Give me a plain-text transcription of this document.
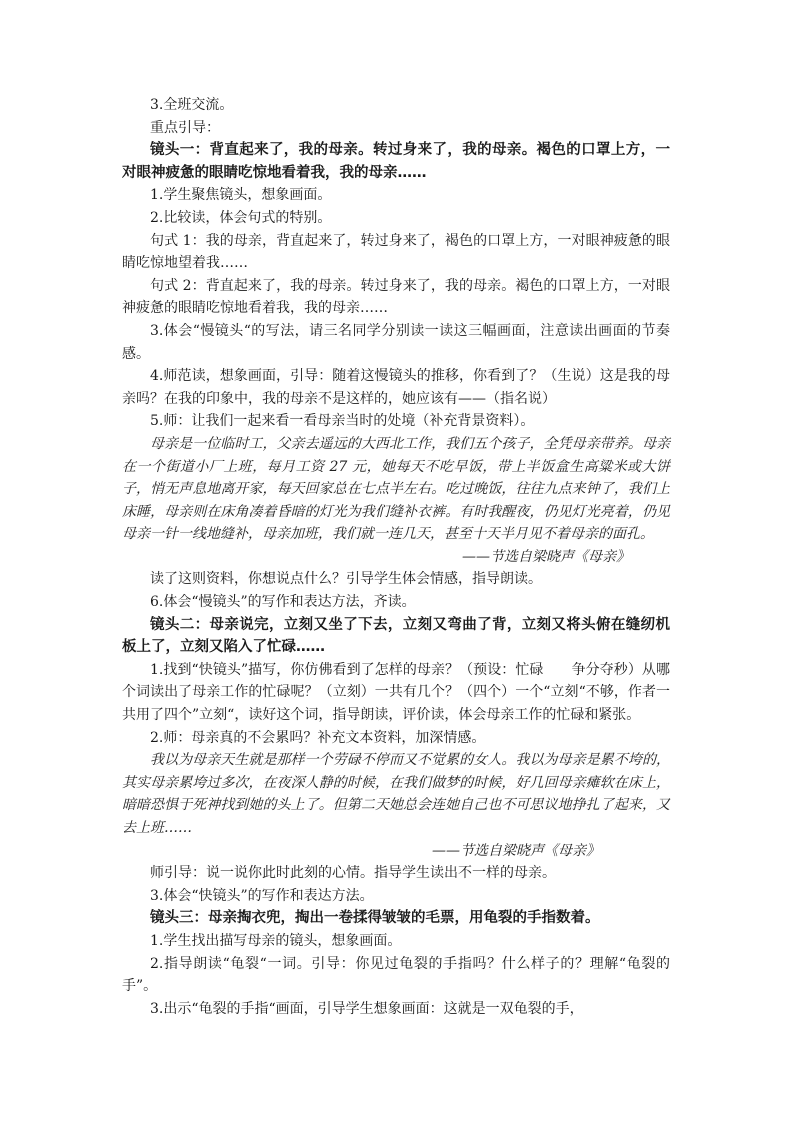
3.全班交流。

重点引导：

镜头一：背直起来了，我的母亲。转过身来了，我的母亲。褐色的口罩上方，一对眼神疲惫的眼睛吃惊地看着我，我的母亲……

1.学生聚焦镜头，想象画面。

2.比较读，体会句式的特别。

句式 1：我的母亲，背直起来了，转过身来了，褐色的口罩上方，一对眼神疲惫的眼睛吃惊地望着我……

句式 2：背直起来了，我的母亲。转过身来了，我的母亲。褐色的口罩上方，一对眼神疲惫的眼睛吃惊地看着我，我的母亲……

3.体会“慢镜头“的写法，请三名同学分别读一读这三幅画面，注意读出画面的节奏感。

4.师范读，想象画面，引导：随着这慢镜头的推移，你看到了？（生说）这是我的母亲吗？在我的印象中，我的母亲不是这样的，她应该有——（指名说）

5.师：让我们一起来看一看母亲当时的处境（补充背景资料）。

母亲是一位临时工，父亲去遥远的大西北工作，我们五个孩子，全凭母亲带养。母亲在一个街道小厂上班，每月工资 27 元，她每天不吃早饭，带上半饭盒生高粱米或大饼子，悄无声息地离开家，每天回家总在七点半左右。吃过晚饭，往往九点来钟了，我们上床睡，母亲则在床角凑着昏暗的灯光为我们缝补衣裤。有时我醒夜，仍见灯光亮着，仍见母亲一针一线地缝补，母亲加班，我们就一连几天，甚至十天半月见不着母亲的面孔。

——节选自梁晓声《母亲》

读了这则资料，你想说点什么？引导学生体会情感，指导朗读。

6.体会“慢镜头”的写作和表达方法，齐读。

镜头二：母亲说完，立刻又坐了下去，立刻又弯曲了背，立刻又将头俯在缝纫机板上了，立刻又陷入了忙碌……

1.找到“快镜头”描写，你仿佛看到了怎样的母亲？（预设：忙碌　　争分夺秒）从哪个词读出了母亲工作的忙碌呢？（立刻）一共有几个？（四个）一个“立刻“不够，作者一共用了四个”立刻“，读好这个词，指导朗读，评价读，体会母亲工作的忙碌和紧张。

2.师：母亲真的不会累吗？补充文本资料，加深情感。

我以为母亲天生就是那样一个劳碌不停而又不觉累的女人。我以为母亲是累不垮的，其实母亲累垮过多次，在夜深人静的时候，在我们做梦的时候，好几回母亲瘫软在床上，暗暗恐惧于死神找到她的头上了。但第二天她总会连她自己也不可思议地挣扎了起来，又去上班……

——节选自梁晓声《母亲》

师引导：说一说你此时此刻的心情。指导学生读出不一样的母亲。

3.体会“快镜头”的写作和表达方法。

镜头三：母亲掏衣兜，掏出一卷揉得皱皱的毛票，用龟裂的手指数着。

1.学生找出描写母亲的镜头，想象画面。

2.指导朗读“龟裂“一词。引导：你见过龟裂的手指吗？什么样子的？理解“龟裂的手”。

3.出示“龟裂的手指“画面，引导学生想象画面：这就是一双龟裂的手，
